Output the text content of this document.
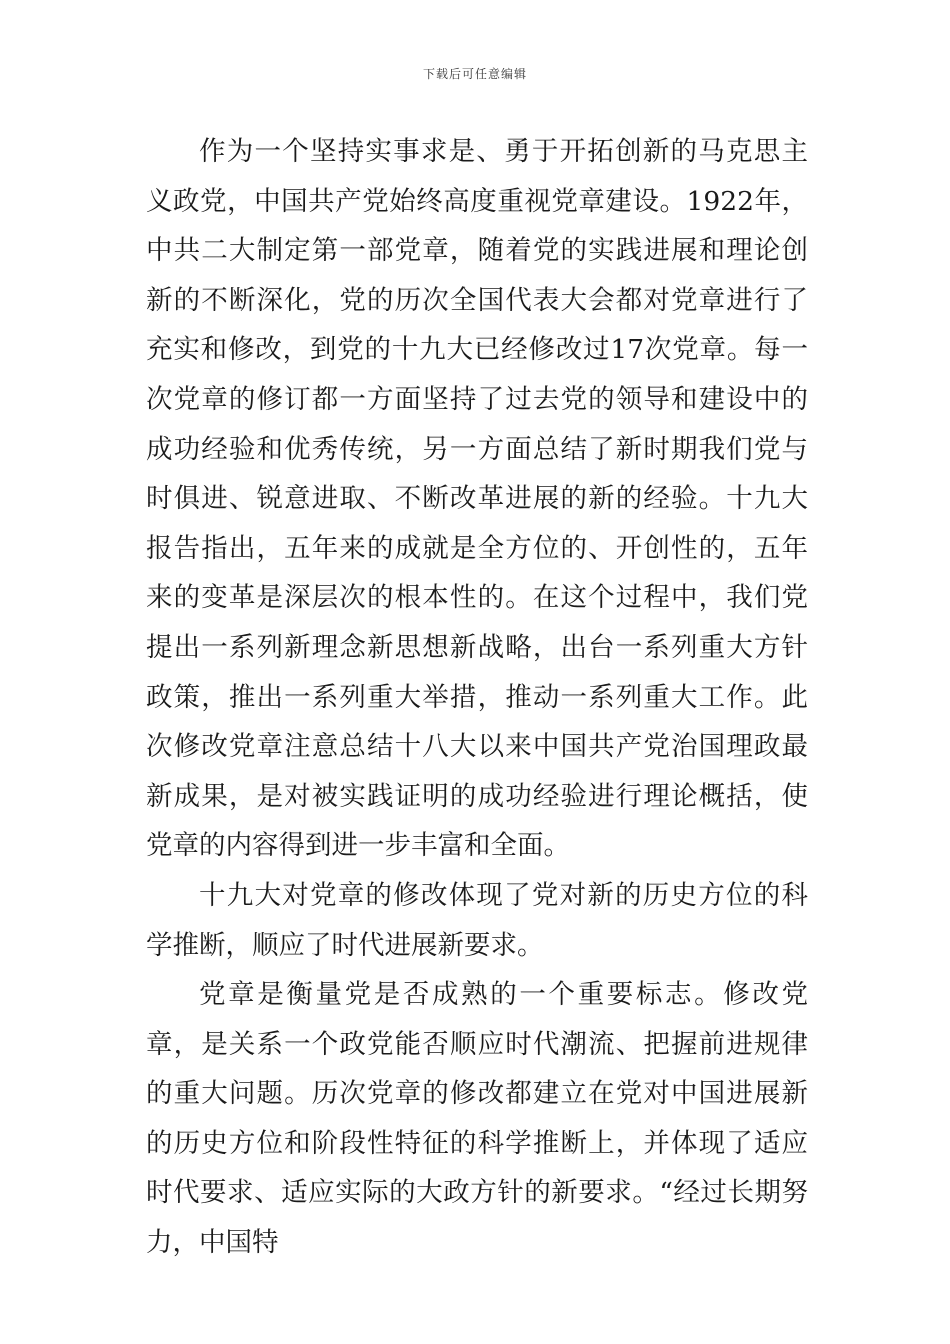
下载后可任意编辑

作为一个坚持实事求是、勇于开拓创新的马克思主义政党，中国共产党始终高度重视党章建设。1922年，中共二大制定第一部党章，随着党的实践进展和理论创新的不断深化，党的历次全国代表大会都对党章进行了充实和修改，到党的十九大已经修改过17次党章。每一次党章的修订都一方面坚持了过去党的领导和建设中的成功经验和优秀传统，另一方面总结了新时期我们党与时俱进、锐意进取、不断改革进展的新的经验。十九大报告指出，五年来的成就是全方位的、开创性的，五年来的变革是深层次的根本性的。在这个过程中，我们党提出一系列新理念新思想新战略，出台一系列重大方针政策，推出一系列重大举措，推动一系列重大工作。此次修改党章注意总结十八大以来中国共产党治国理政最新成果，是对被实践证明的成功经验进行理论概括，使党章的内容得到进一步丰富和全面。

十九大对党章的修改体现了党对新的历史方位的科学推断，顺应了时代进展新要求。

党章是衡量党是否成熟的一个重要标志。修改党章，是关系一个政党能否顺应时代潮流、把握前进规律的重大问题。历次党章的修改都建立在党对中国进展新的历史方位和阶段性特征的科学推断上，并体现了适应时代要求、适应实际的大政方针的新要求。“经过长期努力，中国特
